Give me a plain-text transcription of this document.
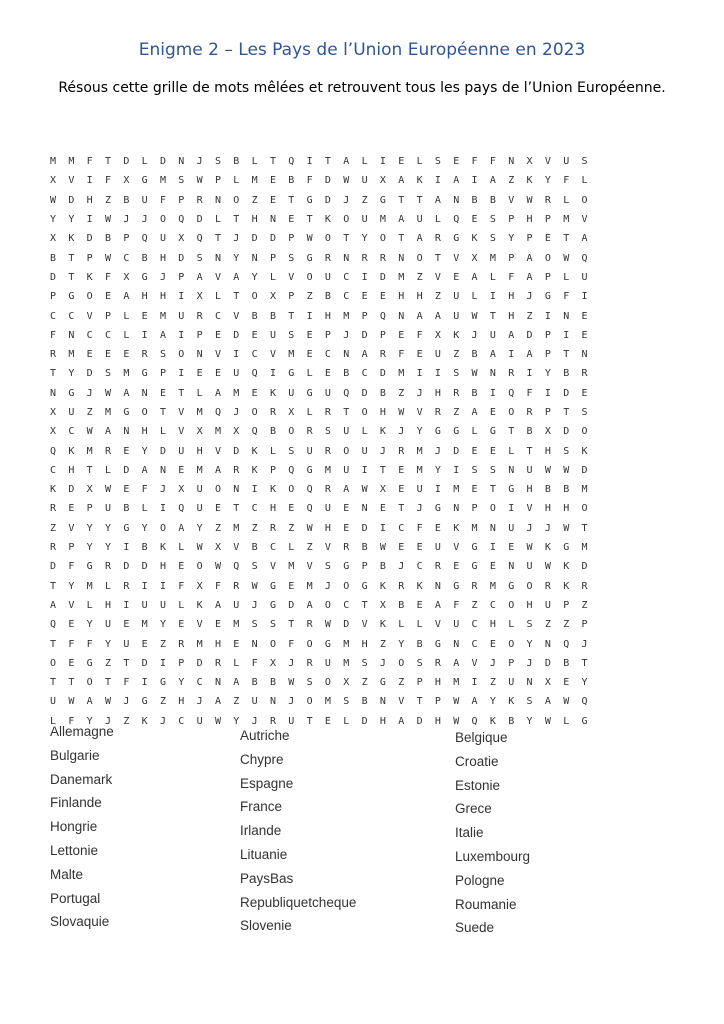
Enigme 2 – Les Pays de l’Union Européenne en 2023
Résous cette grille de mots mêlées et retrouvent tous les pays de l’Union Européenne.
M	M	F	T	D	L	D	N	J	S	B	L	T	Q	I	T	A	L	I	E	L	S	E	F	F	N	X	V	U	S
X	V	I	F	X	G	M	S	W	P	L	M	E	B	F	D	W	U	X	A	K	I	A	I	A	Z	K	Y	F	L
W	D	H	Z	B	U	F	P	R	N	O	Z	E	T	G	D	J	Z	G	T	T	A	N	B	B	V	W	R	L	O
Y	Y	I	W	J	J	O	Q	D	L	T	H	N	E	T	K	O	U	M	A	U	L	Q	E	S	P	H	P	M	V
X	K	D	B	P	Q	U	X	Q	T	J	D	D	P	W	O	T	Y	O	T	A	R	G	K	S	Y	P	E	T	A
B	T	P	W	C	B	H	D	S	N	Y	N	P	S	G	R	N	R	R	N	O	T	V	X	M	P	A	O	W	Q
D	T	K	F	X	G	J	P	A	V	A	Y	L	V	O	U	C	I	D	M	Z	V	E	A	L	F	A	P	L	U
P	G	O	E	A	H	H	I	X	L	T	O	X	P	Z	B	C	E	E	H	H	Z	U	L	I	H	J	G	F	I
C	C	V	P	L	E	M	U	R	C	V	B	B	T	I	H	M	P	Q	N	A	A	U	W	T	H	Z	I	N	E
F	N	C	C	L	I	A	I	P	E	D	E	U	S	E	P	J	D	P	E	F	X	K	J	U	A	D	P	I	E
R	M	E	E	E	R	S	O	N	V	I	C	V	M	E	C	N	A	R	F	E	U	Z	B	A	I	A	P	T	N
T	Y	D	S	M	G	P	I	E	E	U	Q	I	G	L	E	B	C	D	M	I	I	S	W	N	R	I	Y	B	R
N	G	J	W	A	N	E	T	L	A	M	E	K	U	G	U	Q	D	B	Z	J	H	R	B	I	Q	F	I	D	E
X	U	Z	M	G	O	T	V	M	Q	J	O	R	X	L	R	T	O	H	W	V	R	Z	A	E	O	R	P	T	S
X	C	W	A	N	H	L	V	X	M	X	Q	B	O	R	S	U	L	K	J	Y	G	G	L	G	T	B	X	D	O
Q	K	M	R	E	Y	D	U	H	V	D	K	L	S	U	R	O	U	J	R	M	J	D	E	E	L	T	H	S	K
C	H	T	L	D	A	N	E	M	A	R	K	P	Q	G	M	U	I	T	E	M	Y	I	S	S	N	U	W	W	D
K	D	X	W	E	F	J	X	U	O	N	I	K	O	Q	R	A	W	X	E	U	I	M	E	T	G	H	B	B	M
R	E	P	U	B	L	I	Q	U	E	T	C	H	E	Q	U	E	N	E	T	J	G	N	P	O	I	V	H	H	O
Z	V	Y	Y	G	Y	O	A	Y	Z	M	Z	R	Z	W	H	E	D	I	C	F	E	K	M	N	U	J	J	W	T
R	P	Y	Y	I	B	K	L	W	X	V	B	C	L	Z	V	R	B	W	E	E	U	V	G	I	E	W	K	G	M
D	F	G	R	D	D	H	E	O	W	Q	S	V	M	V	S	G	P	B	J	C	R	E	G	E	N	U	W	K	D
T	Y	M	L	R	I	I	F	X	F	R	W	G	E	M	J	O	G	K	R	K	N	G	R	M	G	O	R	K	R
A	V	L	H	I	U	U	L	K	A	U	J	G	D	A	O	C	T	X	B	E	A	F	Z	C	O	H	U	P	Z
Q	E	Y	U	E	M	Y	E	V	E	M	S	S	T	R	W	D	V	K	L	L	V	U	C	H	L	S	Z	Z	P
T	F	F	Y	U	E	Z	R	M	H	E	N	O	F	O	G	M	H	Z	Y	B	G	N	C	E	O	Y	N	Q	J
O	E	G	Z	T	D	I	P	D	R	L	F	X	J	R	U	M	S	J	O	S	R	A	V	J	P	J	D	B	T
T	T	O	T	F	I	G	Y	C	N	A	B	B	W	S	O	X	Z	G	Z	P	H	M	I	Z	U	N	X	E	Y
U	W	A	W	J	G	Z	H	J	A	Z	U	N	J	O	M	S	B	N	V	T	P	W	A	Y	K	S	A	W	Q
L	F	Y	J	Z	K	J	C	U	W	Y	J	R	U	T	E	L	D	H	A	D	H	W	Q	K	B	Y	W	L	G
Allemagne
Bulgarie
Danemark
Finlande
Hongrie
Lettonie
Malte
Portugal
Slovaquie
Autriche
Chypre
Espagne
France
Irlande
Lituanie
PaysBas
Republiquetcheque
Slovenie
Belgique
Croatie
Estonie
Grece
Italie
Luxembourg
Pologne
Roumanie
Suede
